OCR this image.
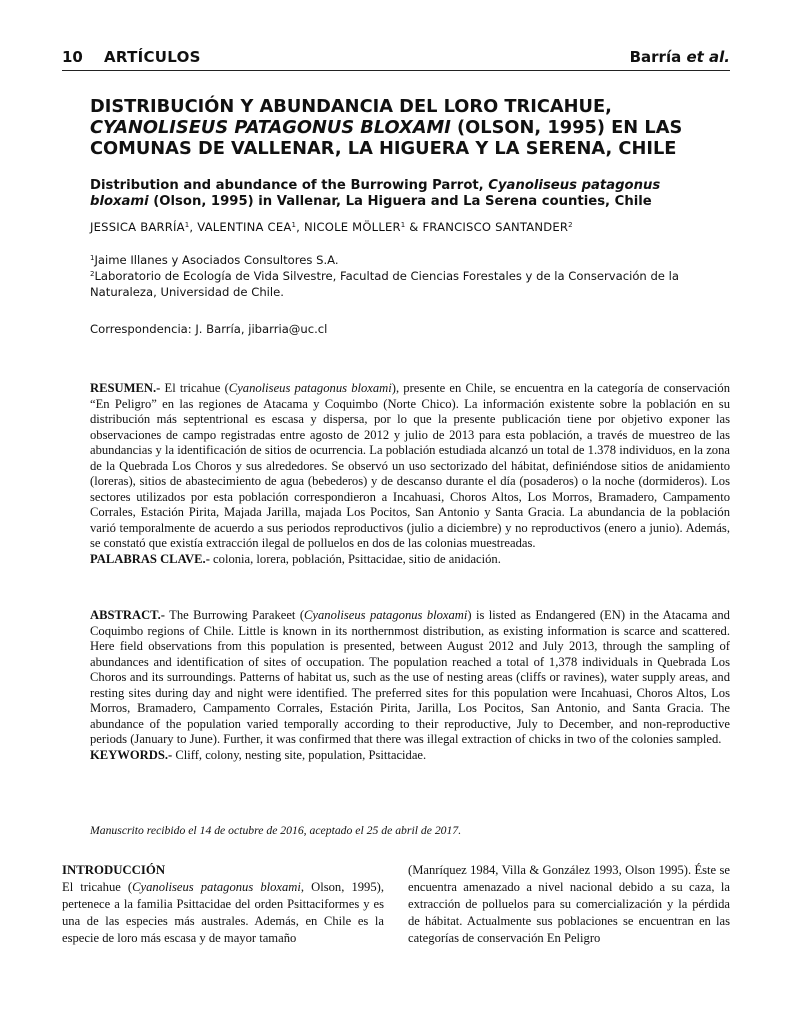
10 ARTÍCULOS	Barría et al.
DISTRIBUCIÓN Y ABUNDANCIA DEL LORO TRICAHUE,
CYANOLISEUS PATAGONUS BLOXAMI (OLSON, 1995) EN LAS
COMUNAS DE VALLENAR, LA HIGUERA Y LA SERENA, CHILE
Distribution and abundance of the Burrowing Parrot, Cyanoliseus patagonus
bloxami (Olson, 1995) in Vallenar, La Higuera and La Serena counties, Chile
JESSICA BARRÍA$^1$, VALENTINA CEA$^1$, NICOLE MÖLLER$^1$ & FRANCISCO SANTANDER$^2$
$^1$Jaime Illanes y Asociados Consultores S.A.
$^2$Laboratorio de Ecología de Vida Silvestre, Facultad de Ciencias Forestales y de la Conservación de la Naturaleza, Universidad de Chile.
Correspondencia: J. Barría, jibarria@uc.cl
RESUMEN.- El tricahue (Cyanoliseus patagonus bloxami), presente en Chile, se encuentra en la categoría de conservación “En Peligro” en las regiones de Atacama y Coquimbo (Norte Chico). La información existente sobre la población en su distribución más septentrional es escasa y dispersa, por lo que la presente publicación tiene por objetivo exponer las observaciones de campo registradas entre agosto de 2012 y julio de 2013 para esta población, a través de muestreo de las abundancias y la identificación de sitios de ocurrencia. La población estudiada alcanzó un total de 1.378 individuos, en la zona de la Quebrada Los Choros y sus alrededores. Se observó un uso sectorizado del hábitat, definiéndose sitios de anidamiento (loreras), sitios de abastecimiento de agua (bebederos) y de descanso durante el día (posaderos) o la noche (dormideros). Los sectores utilizados por esta población correspondieron a Incahuasi, Choros Altos, Los Morros, Bramadero, Campamento Corrales, Estación Pirita, Majada Jarilla, majada Los Pocitos, San Antonio y Santa Gracia. La abundancia de la población varió temporalmente de acuerdo a sus periodos reproductivos (julio a diciembre) y no reproductivos (enero a junio). Además, se constató que existía extracción ilegal de polluelos en dos de las colonias muestreadas.
PALABRAS CLAVE.- colonia, lorera, población, Psittacidae, sitio de anidación.
ABSTRACT.- The Burrowing Parakeet (Cyanoliseus patagonus bloxami) is listed as Endangered (EN) in the Atacama and Coquimbo regions of Chile. Little is known in its northernmost distribution, as existing information is scarce and scattered. Here field observations from this population is presented, between August 2012 and July 2013, through the sampling of abundances and identification of sites of occupation. The population reached a total of 1,378 individuals in Quebrada Los Choros and its surroundings. Patterns of habitat us, such as the use of nesting areas (cliffs or ravines), water supply areas, and resting sites during day and night were identified. The preferred sites for this population were Incahuasi, Choros Altos, Los Morros, Bramadero, Campamento Corrales, Estación Pirita, Jarilla, Los Pocitos, San Antonio, and Santa Gracia. The abundance of the population varied temporally according to their reproductive, July to December, and non-reproductive periods (January to June). Further, it was confirmed that there was illegal extraction of chicks in two of the colonies sampled.
KEYWORDS.- Cliff, colony, nesting site, population, Psittacidae.
Manuscrito recibido el 14 de octubre de 2016, aceptado el 25 de abril de 2017.
INTRODUCCIÓN
El tricahue (Cyanoliseus patagonus bloxami, Olson, 1995), pertenece a la familia Psittacidae del orden Psittaciformes y es una de las especies más australes. Además, en Chile es la especie de loro más escasa y de mayor tamaño
(Manríquez 1984, Villa & González 1993, Olson 1995). Éste se encuentra amenazado a nivel nacional debido a su caza, la extracción de polluelos para su comercialización y la pérdida de hábitat. Actualmente sus poblaciones se encuentran en las categorías de conservación En Peligro
